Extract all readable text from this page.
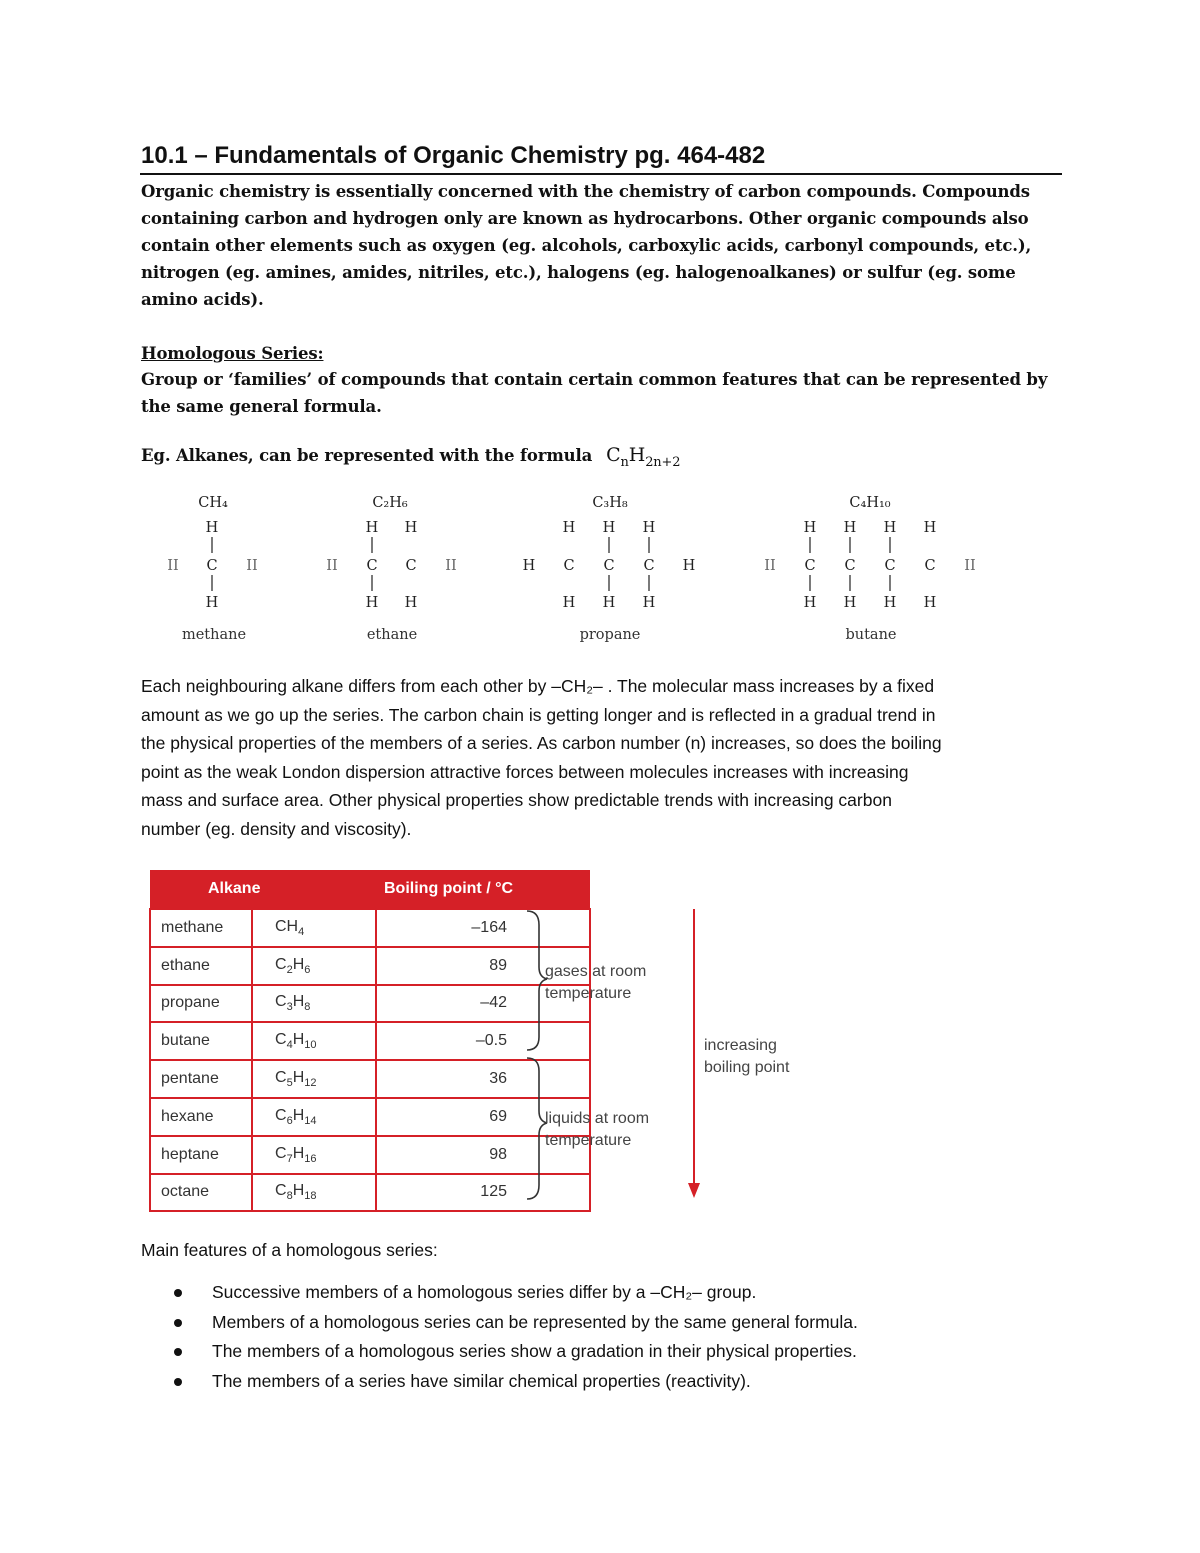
10.1 – Fundamentals of Organic Chemistry pg. 464-482
Organic chemistry is essentially concerned with the chemistry of carbon compounds. Compounds
containing carbon and hydrogen only are known as hydrocarbons. Other organic compounds also
contain other elements such as oxygen (eg. alcohols, carboxylic acids, carbonyl compounds, etc.),
nitrogen (eg. amines, amides, nitriles, etc.), halogens (eg. halogenoalkanes) or sulfur (eg. some
amino acids).
Homologous Series:
Group or ‘families’ of compounds that contain certain common features that can be represented by
the same general formula.
Eg. Alkanes, can be represented with the formula $C_nH_{2n+2}$
CH₄
H
C
H
II	II
methane
C₂H₆
H H
C C
H H
II	II
ethane
C₃H₈
H H H
H C C C H
H H H
propane
C₄H₁₀
H H H H
II C C C C II
H H H H
butane
Each neighbouring alkane differs from each other by –CH₂– . The molecular mass increases by a fixed
amount as we go up the series. The carbon chain is getting longer and is reflected in a gradual trend in
the physical properties of the members of a series. As carbon number (n) increases, so does the boiling
point as the weak London dispersion attractive forces between molecules increases with increasing
mass and surface area. Other physical properties show predictable trends with increasing carbon
number (eg. density and viscosity).
Alkane		Boiling point / °C
methane	$CH_4$	–164
ethane	$C_2H_6$	89
propane	$C_3H_8$	–42
butane	$C_4H_{10}$	–0.5
pentane	$C_5H_{12}$	36
hexane	$C_6H_{14}$	69
heptane	$C_7H_{16}$	98
octane	$C_8H_{18}$	125
gases at room
temperature
liquids at room
temperature
increasing
boiling point
Main features of a homologous series:
Successive members of a homologous series differ by a –CH₂– group.
Members of a homologous series can be represented by the same general formula.
The members of a homologous series show a gradation in their physical properties.
The members of a series have similar chemical properties (reactivity).
